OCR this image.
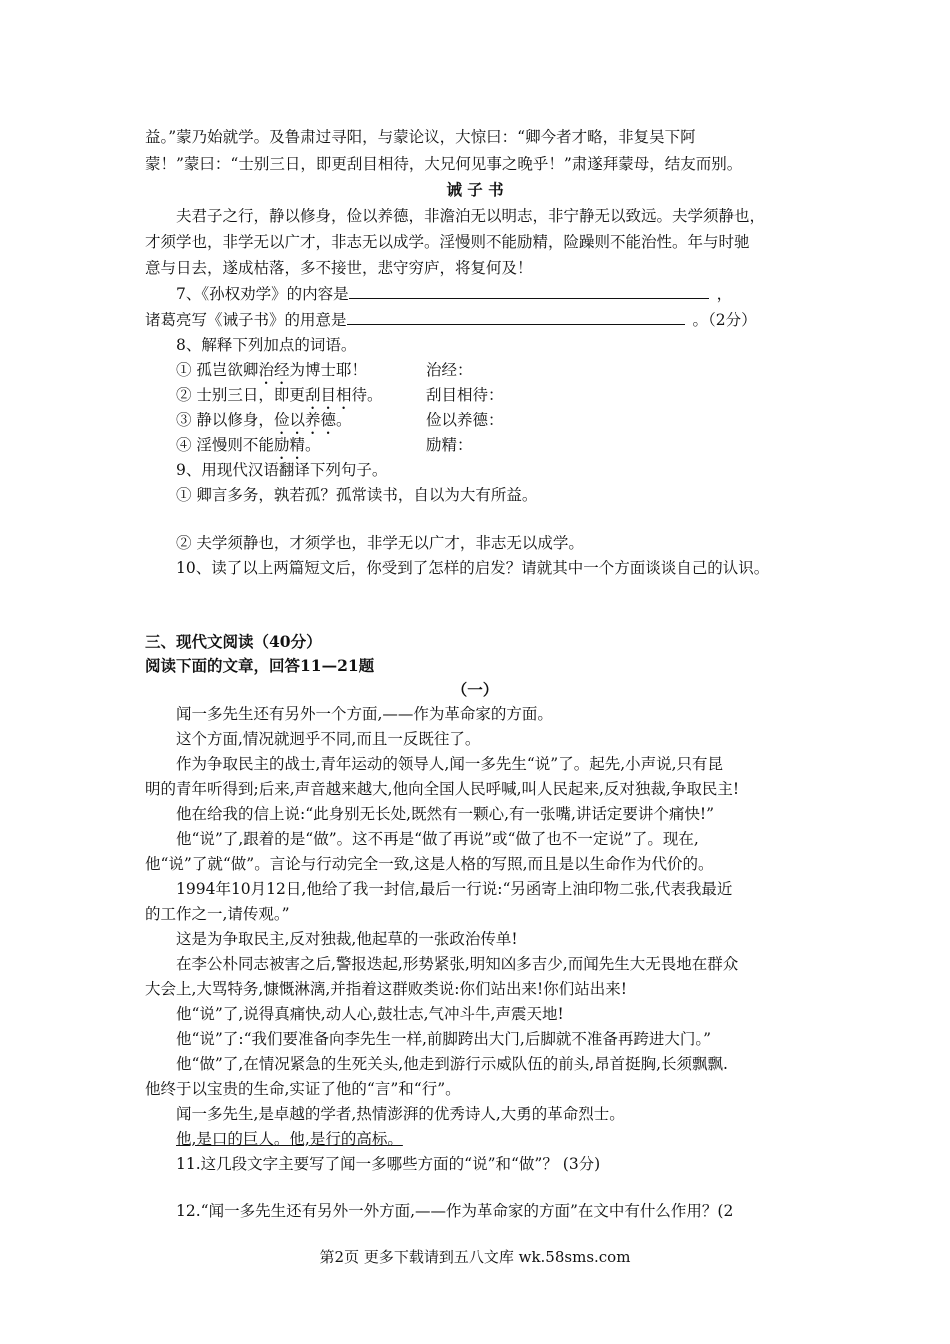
益。”蒙乃始就学。及鲁肃过寻阳，与蒙论议，大惊曰：“卿今者才略，非复吴下阿
蒙！”蒙曰：“士别三日，即更刮目相待，大兄何见事之晚乎！”肃遂拜蒙母，结友而别。
诫 子 书
夫君子之行，静以修身，俭以养德，非澹泊无以明志，非宁静无以致远。夫学须静也，
才须学也，非学无以广才，非志无以成学。淫慢则不能励精，险躁则不能治性。年与时驰
意与日去，遂成枯落，多不接世，悲守穷庐，将复何及！
7、《孙权劝学》的内容是	，
诸葛亮写《诫子书》的用意是	。（2分）
8、解释下列加点的词语。
① 孤岂欲卿治经为博士耶！	治经：
② 士别三日，即更刮目相待。	刮目相待：
③ 静以修身，俭以养德。	俭以养德：
④ 淫慢则不能励精。	励精：
9、用现代汉语翻译下列句子。
① 卿言多务，孰若孤？孤常读书，自以为大有所益。
② 夫学须静也，才须学也，非学无以广才，非志无以成学。
10、读了以上两篇短文后，你受到了怎样的启发？请就其中一个方面谈谈自己的认识。
三、现代文阅读（40分）
阅读下面的文章，回答11—21题
（一）
闻一多先生还有另外一个方面,——作为革命家的方面。
这个方面,情况就迥乎不同,而且一反既往了。
作为争取民主的战士,青年运动的领导人,闻一多先生“说”了。起先,小声说,只有昆
明的青年听得到;后来,声音越来越大,他向全国人民呼喊,叫人民起来,反对独裁,争取民主!
他在给我的信上说:“此身别无长处,既然有一颗心,有一张嘴,讲话定要讲个痛快!”
他“说”了,跟着的是“做”。这不再是“做了再说”或“做了也不一定说”了。现在,
他“说”了就“做”。言论与行动完全一致,这是人格的写照,而且是以生命作为代价的。
1994年10月12日,他给了我一封信,最后一行说:“另函寄上油印物二张,代表我最近
的工作之一,请传观。”
这是为争取民主,反对独裁,他起草的一张政治传单!
在李公朴同志被害之后,警报迭起,形势紧张,明知凶多吉少,而闻先生大无畏地在群众
大会上,大骂特务,慷慨淋漓,并指着这群败类说:你们站出来!你们站出来!
他“说”了,说得真痛快,动人心,鼓壮志,气冲斗牛,声震天地!
他“说”了:“我们要准备向李先生一样,前脚跨出大门,后脚就不准备再跨进大门。”
他“做”了,在情况紧急的生死关头,他走到游行示威队伍的前头,昂首挺胸,长须飘飘.
他终于以宝贵的生命,实证了他的“言”和“行”。
闻一多先生,是卓越的学者,热情澎湃的优秀诗人,大勇的革命烈士。
他,是口的巨人。他,是行的高标。
11.这几段文字主要写了闻一多哪些方面的“说”和“做”？ (3分)
12.“闻一多先生还有另外一外方面,——作为革命家的方面”在文中有什么作用？(2
第2页 更多下载请到五八文库 wk.58sms.com
